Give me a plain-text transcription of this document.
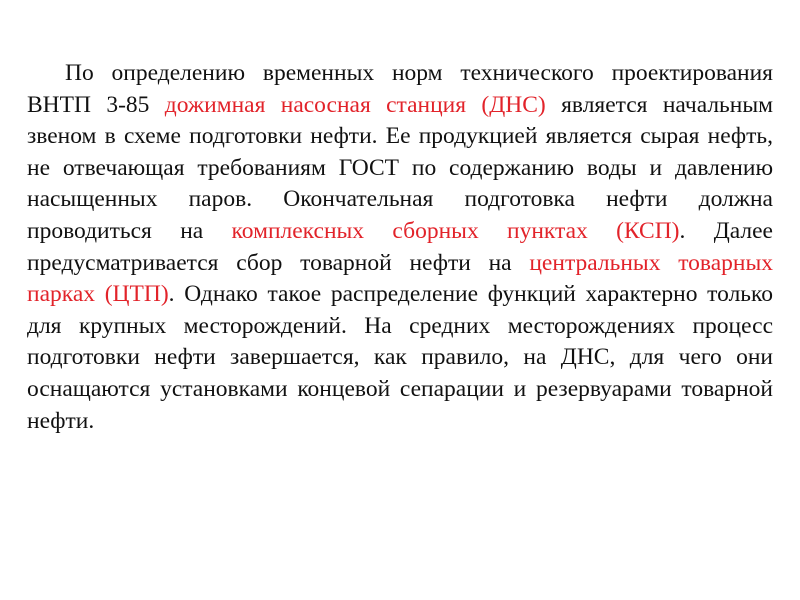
По определению временных норм технического проектирования ВНТП 3-85 дожимная насосная станция (ДНС) является начальным звеном в схеме подготовки нефти. Ее продукцией является сырая нефть, не отвечающая требованиям ГОСТ по содержанию воды и давлению насыщенных паров. Окончательная подготовка нефти должна проводиться на комплексных сборных пунктах (КСП). Далее предусматривается сбор товарной нефти на центральных товарных парках (ЦТП). Однако такое распределение функций характерно только для крупных месторождений. На средних месторождениях процесс подготовки нефти завершается, как правило, на ДНС, для чего они оснащаются установками концевой сепарации и резервуарами товарной нефти.
